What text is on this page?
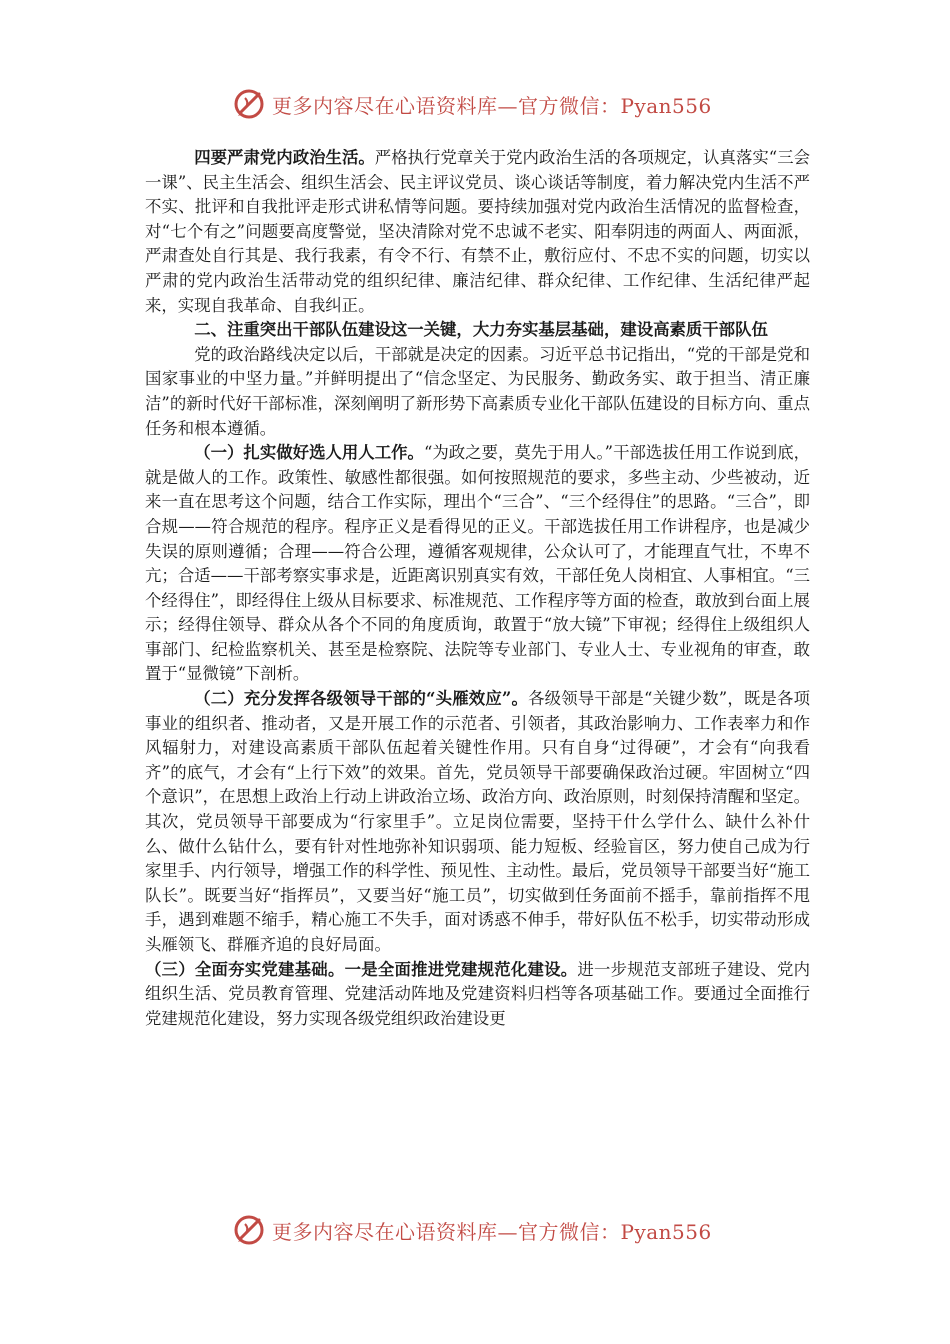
更多内容尽在心语资料库—官方微信：Pyan556

四要严肃党内政治生活。严格执行党章关于党内政治生活的各项规定，认真落实“三会一课”、民主生活会、组织生活会、民主评议党员、谈心谈话等制度，着力解决党内生活不严不实、批评和自我批评走形式讲私情等问题。要持续加强对党内政治生活情况的监督检查，对“七个有之”问题要高度警觉，坚决清除对党不忠诚不老实、阳奉阴违的两面人、两面派，严肃查处自行其是、我行我素，有令不行、有禁不止，敷衍应付、不忠不实的问题，切实以严肃的党内政治生活带动党的组织纪律、廉洁纪律、群众纪律、工作纪律、生活纪律严起来，实现自我革命、自我纠正。

二、注重突出干部队伍建设这一关键，大力夯实基层基础，建设高素质干部队伍

党的政治路线决定以后，干部就是决定的因素。习近平总书记指出，“党的干部是党和国家事业的中坚力量。”并鲜明提出了“信念坚定、为民服务、勤政务实、敢于担当、清正廉洁”的新时代好干部标准，深刻阐明了新形势下高素质专业化干部队伍建设的目标方向、重点任务和根本遵循。

（一）扎实做好选人用人工作。“为政之要，莫先于用人。”干部选拔任用工作说到底，就是做人的工作。政策性、敏感性都很强。如何按照规范的要求，多些主动、少些被动，近来一直在思考这个问题，结合工作实际，理出个“三合”、“三个经得住”的思路。“三合”，即合规——符合规范的程序。程序正义是看得见的正义。干部选拔任用工作讲程序，也是减少失误的原则遵循；合理——符合公理，遵循客观规律，公众认可了，才能理直气壮，不卑不亢；合适——干部考察实事求是，近距离识别真实有效，干部任免人岗相宜、人事相宜。“三个经得住”，即经得住上级从目标要求、标准规范、工作程序等方面的检查，敢放到台面上展示；经得住领导、群众从各个不同的角度质询，敢置于“放大镜”下审视；经得住上级组织人事部门、纪检监察机关、甚至是检察院、法院等专业部门、专业人士、专业视角的审查，敢置于“显微镜”下剖析。

（二）充分发挥各级领导干部的“头雁效应”。各级领导干部是“关键少数”，既是各项事业的组织者、推动者，又是开展工作的示范者、引领者，其政治影响力、工作表率力和作风辐射力，对建设高素质干部队伍起着关键性作用。只有自身“过得硬”，才会有“向我看齐”的底气，才会有“上行下效”的效果。首先，党员领导干部要确保政治过硬。牢固树立“四个意识”，在思想上政治上行动上讲政治立场、政治方向、政治原则，时刻保持清醒和坚定。其次，党员领导干部要成为“行家里手”。立足岗位需要，坚持干什么学什么、缺什么补什么、做什么钻什么，要有针对性地弥补知识弱项、能力短板、经验盲区，努力使自己成为行家里手、内行领导，增强工作的科学性、预见性、主动性。最后，党员领导干部要当好“施工队长”。既要当好“指挥员”，又要当好“施工员”，切实做到任务面前不摇手，靠前指挥不甩手，遇到难题不缩手，精心施工不失手，面对诱惑不伸手，带好队伍不松手，切实带动形成头雁领飞、群雁齐追的良好局面。

（三）全面夯实党建基础。一是全面推进党建规范化建设。进一步规范支部班子建设、党内组织生活、党员教育管理、党建活动阵地及党建资料归档等各项基础工作。要通过全面推行党建规范化建设，努力实现各级党组织政治建设更

更多内容尽在心语资料库—官方微信：Pyan556
